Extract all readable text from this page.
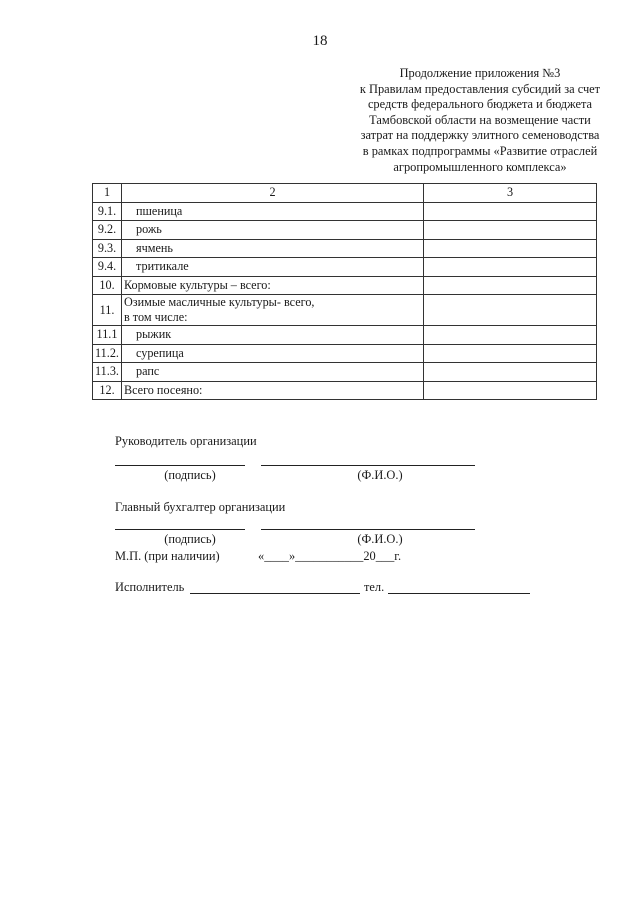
18
Продолжение приложения №3
к Правилам предоставления субсидий за счет
средств федерального бюджета и бюджета
Тамбовской области на возмещение части
затрат на поддержку элитного семеноводства
в рамках подпрограммы «Развитие отраслей
агропромышленного комплекса»
1	2	3
9.1.	пшеница	
9.2.	рожь	
9.3.	ячмень	
9.4.	тритикале	
10.	Кормовые культуры – всего:	
11.	Озимые масличные культуры- всего,
в том числе:	

11.1	рыжик	
11.2.	сурепица	
11.3.	рапс	
12.	Всего посеяно:	
Руководитель организации
(подпись)	(Ф.И.О.)
Главный бухгалтер организации
(подпись)	(Ф.И.О.)
М.П. (при наличии)	«____»___________20___г.
Исполнитель	тел.
